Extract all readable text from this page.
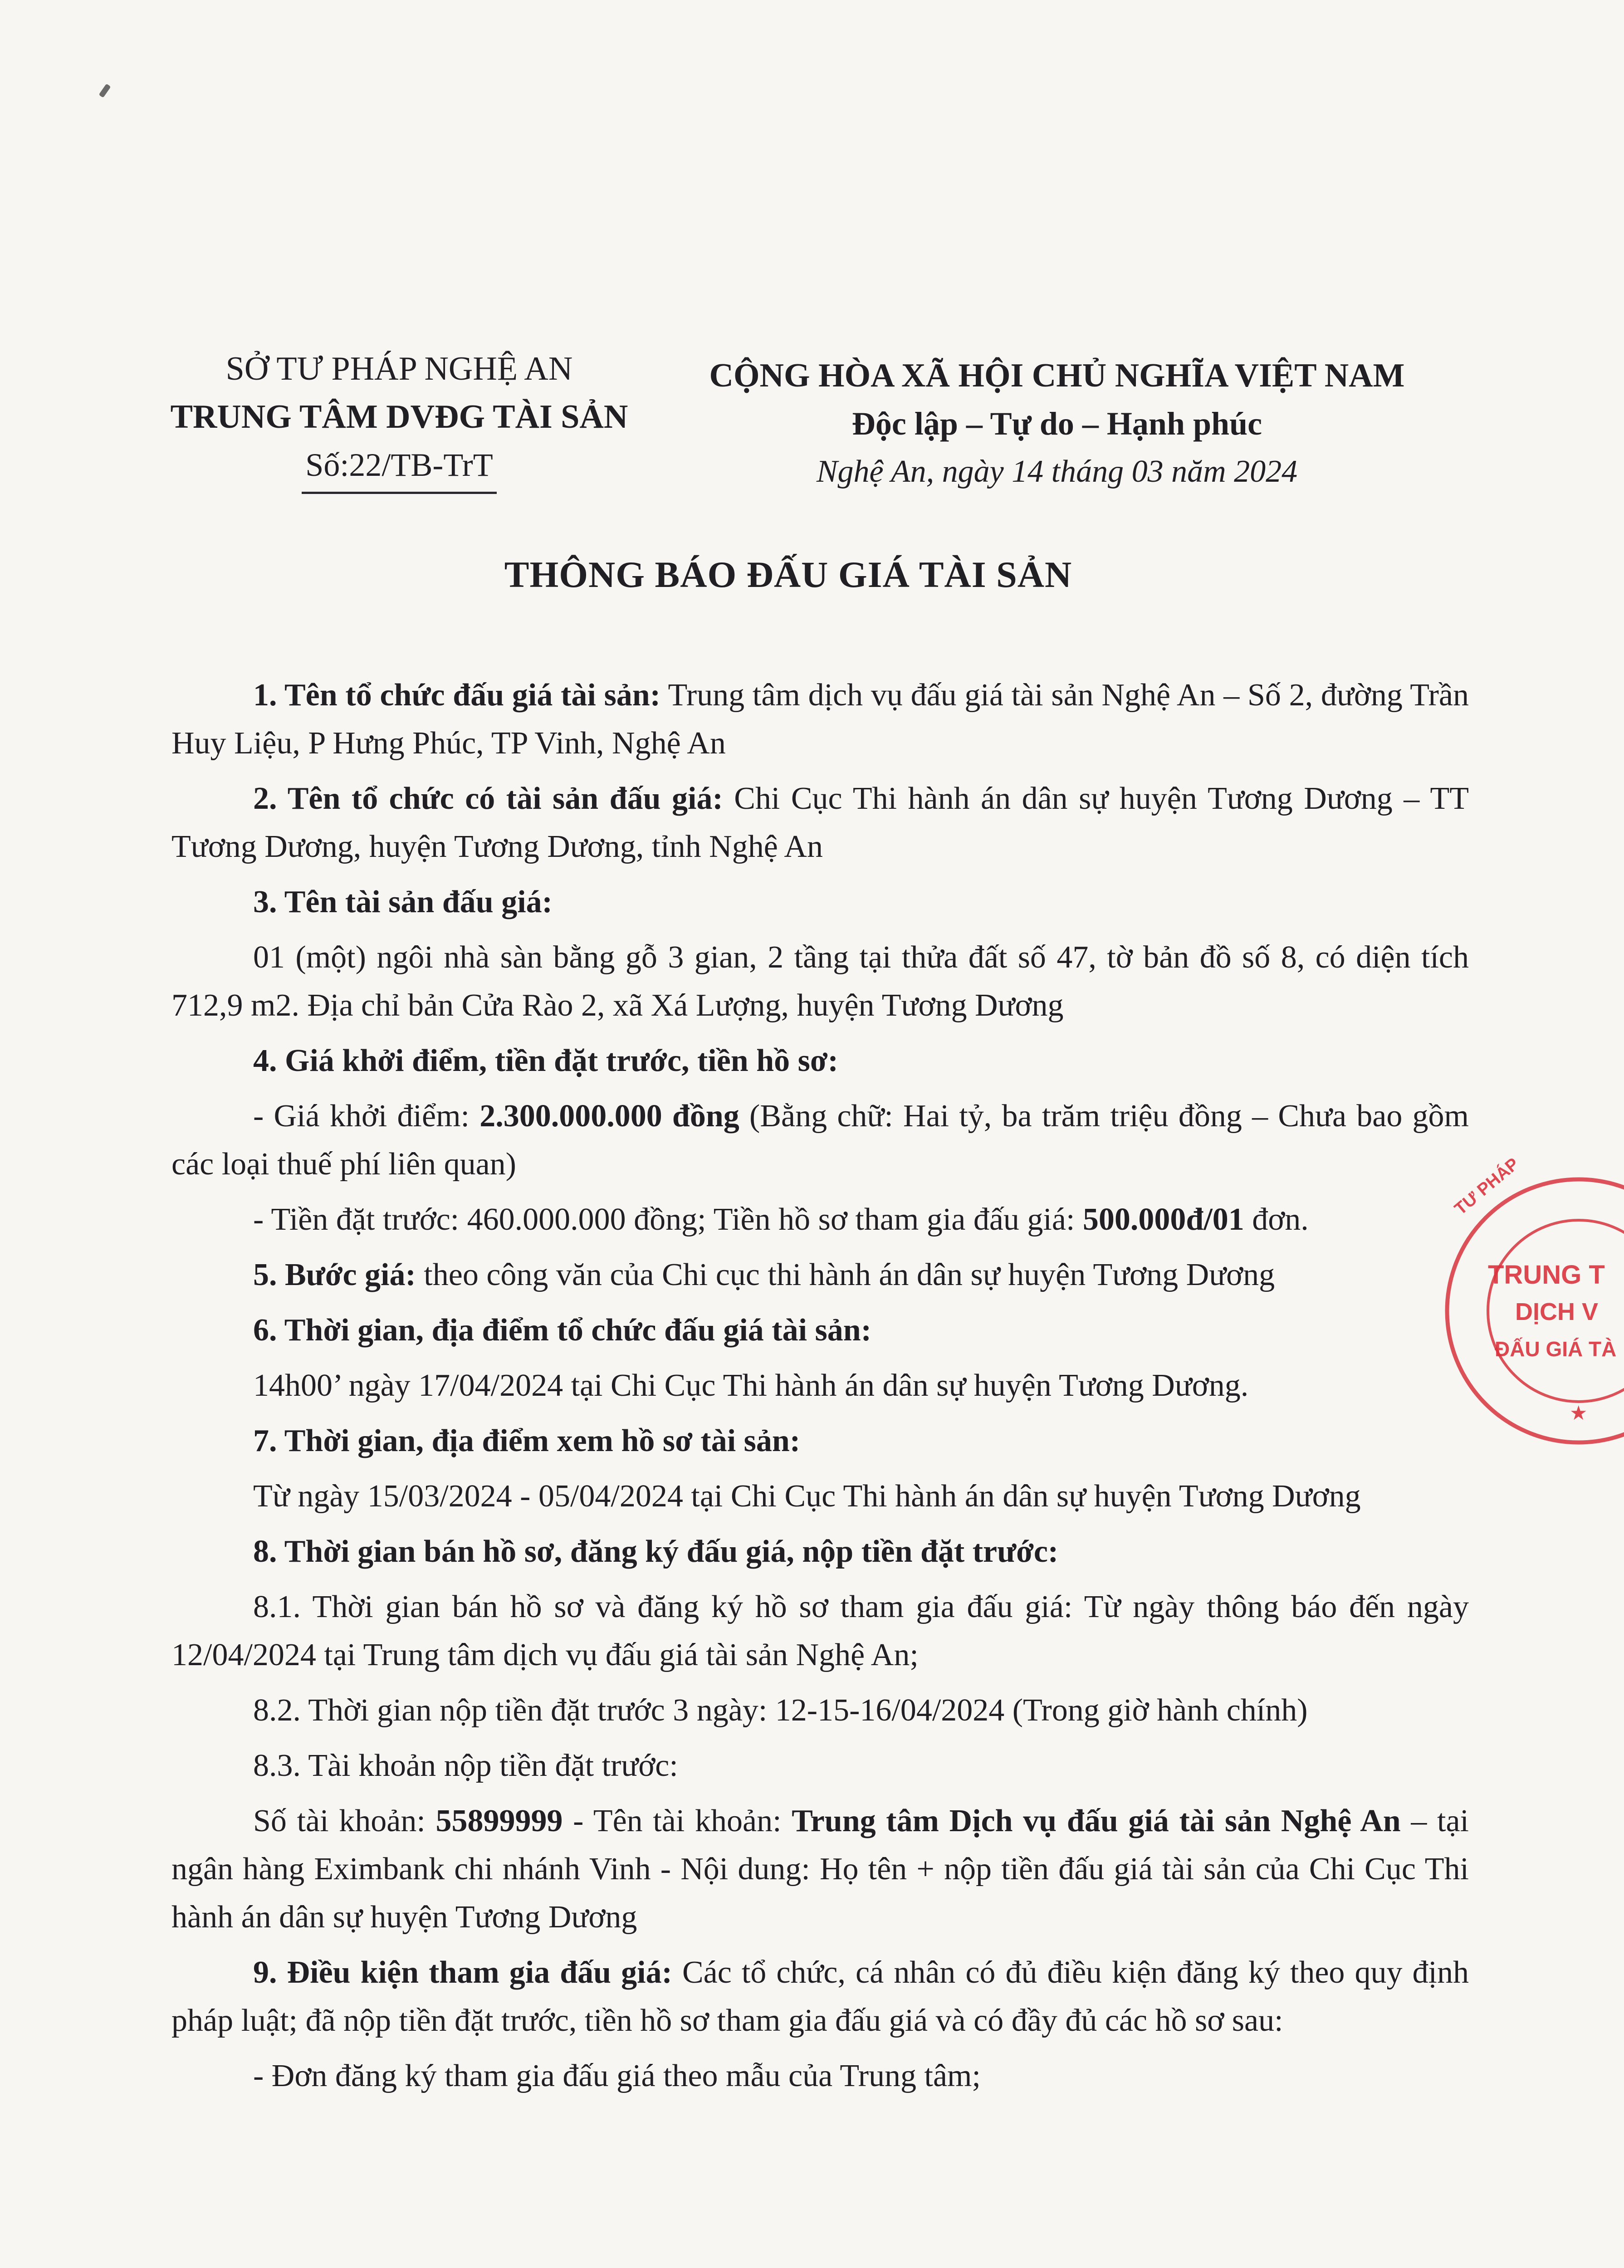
SỞ TƯ PHÁP NGHỆ AN
TRUNG TÂM DVĐG TÀI SẢN
Số:22/TB-TrT
CỘNG HÒA XÃ HỘI CHỦ NGHĨA VIỆT NAM
Độc lập – Tự do – Hạnh phúc
Nghệ An, ngày 14 tháng 03 năm 2024
THÔNG BÁO ĐẤU GIÁ TÀI SẢN

1. Tên tổ chức đấu giá tài sản: Trung tâm dịch vụ đấu giá tài sản Nghệ An – Số 2, đường Trần Huy Liệu, P Hưng Phúc, TP Vinh, Nghệ An

2. Tên tổ chức có tài sản đấu giá: Chi Cục Thi hành án dân sự huyện Tương Dương – TT Tương Dương, huyện Tương Dương, tỉnh Nghệ An

3. Tên tài sản đấu giá:

01 (một) ngôi nhà sàn bằng gỗ 3 gian, 2 tầng tại thửa đất số 47, tờ bản đồ số 8, có diện tích 712,9 m2. Địa chỉ bản Cửa Rào 2, xã Xá Lượng, huyện Tương Dương

4. Giá khởi điểm, tiền đặt trước, tiền hồ sơ:

- Giá khởi điểm: 2.300.000.000 đồng (Bằng chữ: Hai tỷ, ba trăm triệu đồng – Chưa bao gồm các loại thuế phí liên quan)

- Tiền đặt trước: 460.000.000 đồng; Tiền hồ sơ tham gia đấu giá: 500.000đ/01 đơn.

5. Bước giá: theo công văn của Chi cục thi hành án dân sự huyện Tương Dương

6. Thời gian, địa điểm tổ chức đấu giá tài sản:

14h00’ ngày 17/04/2024 tại Chi Cục Thi hành án dân sự huyện Tương Dương.

7. Thời gian, địa điểm xem hồ sơ tài sản:

Từ ngày 15/03/2024 - 05/04/2024 tại Chi Cục Thi hành án dân sự huyện Tương Dương

8. Thời gian bán hồ sơ, đăng ký đấu giá, nộp tiền đặt trước:

8.1. Thời gian bán hồ sơ và đăng ký hồ sơ tham gia đấu giá: Từ ngày thông báo đến ngày 12/04/2024 tại Trung tâm dịch vụ đấu giá tài sản Nghệ An;

8.2. Thời gian nộp tiền đặt trước 3 ngày: 12-15-16/04/2024 (Trong giờ hành chính)

8.3. Tài khoản nộp tiền đặt trước:

Số tài khoản: 55899999 - Tên tài khoản: Trung tâm Dịch vụ đấu giá tài sản Nghệ An – tại ngân hàng Eximbank chi nhánh Vinh - Nội dung: Họ tên + nộp tiền đấu giá tài sản của Chi Cục Thi hành án dân sự huyện Tương Dương

9. Điều kiện tham gia đấu giá: Các tổ chức, cá nhân có đủ điều kiện đăng ký theo quy định pháp luật; đã nộp tiền đặt trước, tiền hồ sơ tham gia đấu giá và có đầy đủ các hồ sơ sau:

- Đơn đăng ký tham gia đấu giá theo mẫu của Trung tâm;

TƯ PHÁP
TRUNG T
DỊCH V
ĐẤU GIÁ TÀ
★
